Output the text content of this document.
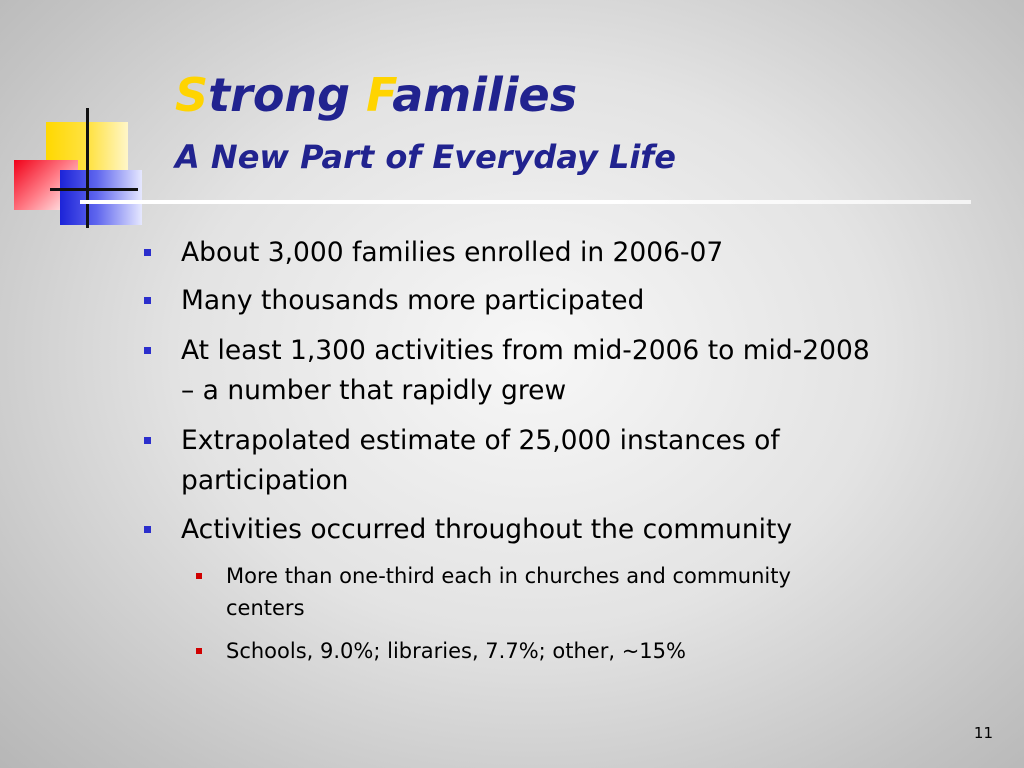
Strong Families
A New Part of Everyday Life
About 3,000 families enrolled in 2006-07
Many thousands more participated
At least 1,300 activities from mid-2006 to mid-2008
– a number that rapidly grew
Extrapolated estimate of 25,000 instances of
participation
Activities occurred throughout the community
More than one-third each in churches and community
centers
Schools, 9.0%; libraries, 7.7%; other, ~15%
11
